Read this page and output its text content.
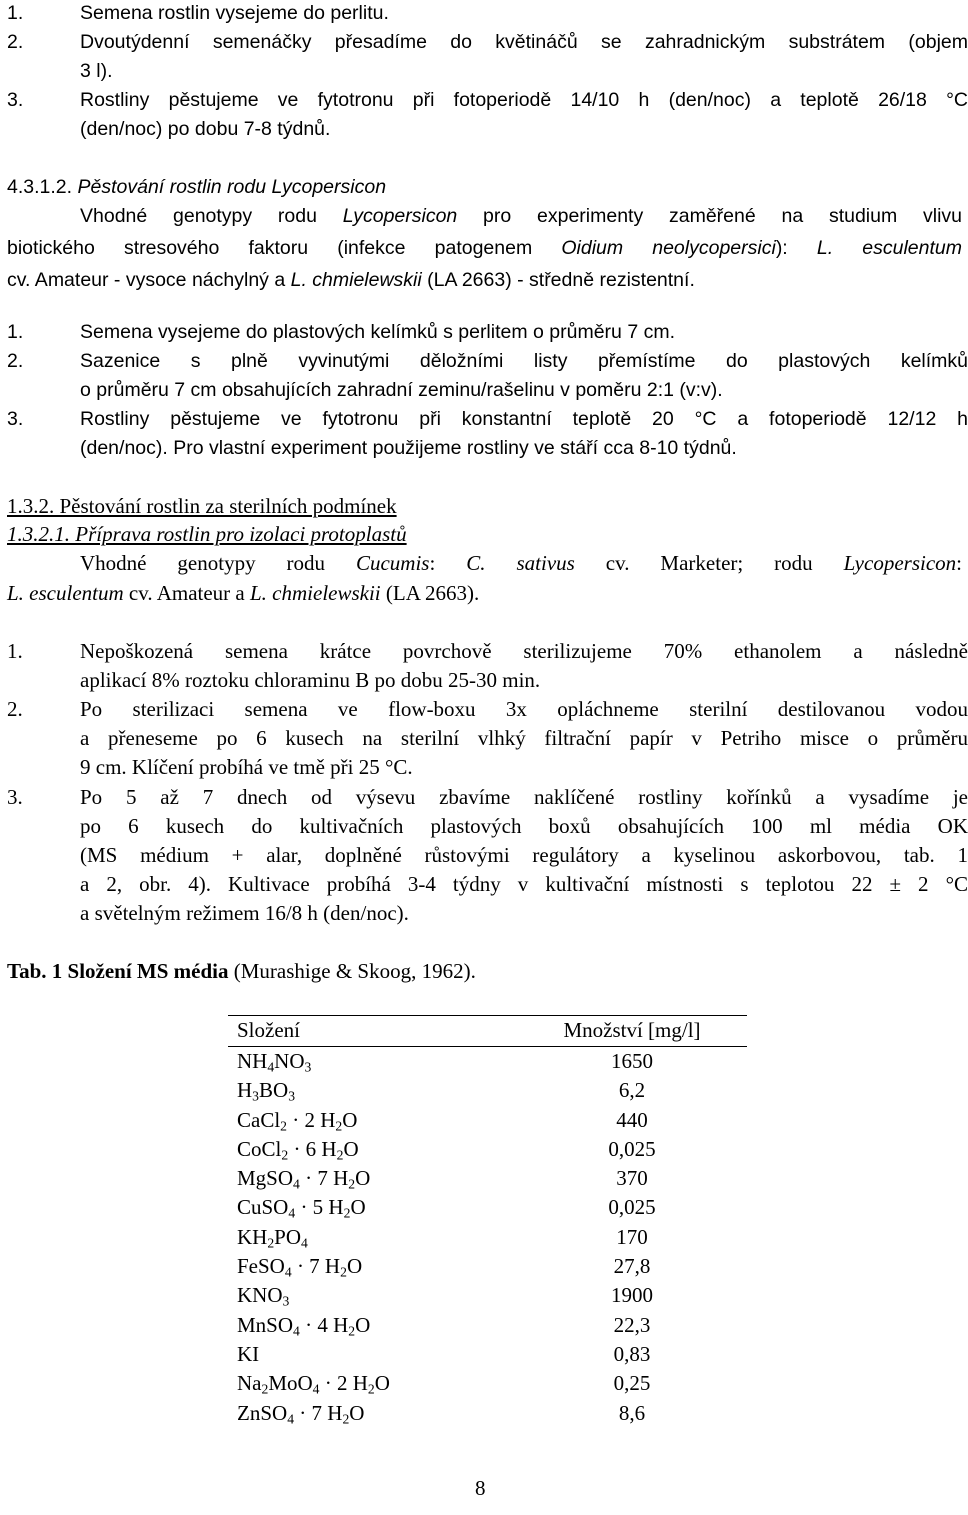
1.	Semena rostlin vysejeme do perlitu.
2.	Dvoutýdenní semenáčky přesadíme do květináčů se zahradnickým substrátem (objem
3 l).
3.	Rostliny pěstujeme ve fytotronu při fotoperiodě 14/10 h (den/noc) a teplotě 26/18 °C
(den/noc) po dobu 7-8 týdnů.
4.3.1.2. Pěstování rostlin rodu Lycopersicon
Vhodné genotypy rodu Lycopersicon pro experimenty zaměřené na studium vlivu
biotického stresového faktoru (infekce patogenem Oidium neolycopersici): L. esculentum
cv. Amateur - vysoce náchylný a L. chmielewskii (LA 2663) - středně rezistentní.
1.	Semena vysejeme do plastových kelímků s perlitem o průměru 7 cm.
2.	Sazenice s plně vyvinutými děložními listy přemístíme do plastových kelímků
o průměru 7 cm obsahujících zahradní zeminu/rašelinu v poměru 2:1 (v:v).
3.	Rostliny pěstujeme ve fytotronu při konstantní teplotě 20 °C a fotoperiodě 12/12 h
(den/noc). Pro vlastní experiment použijeme rostliny ve stáří cca 8-10 týdnů.
1.3.2. Pěstování rostlin za sterilních podmínek
1.3.2.1. Příprava rostlin pro izolaci protoplastů
Vhodné genotypy rodu Cucumis: C. sativus cv. Marketer; rodu Lycopersicon:
L. esculentum cv. Amateur a L. chmielewskii (LA 2663).
1.	Nepoškozená semena krátce povrchově sterilizujeme 70% ethanolem a následně
aplikací 8% roztoku chloraminu B po dobu 25-30 min.
2.	Po sterilizaci semena ve flow-boxu 3x opláchneme sterilní destilovanou vodou
a přeneseme po 6 kusech na sterilní vlhký filtrační papír v Petriho misce o průměru
9 cm. Klíčení probíhá ve tmě při 25 °C.
3.	Po 5 až 7 dnech od výsevu zbavíme naklíčené rostliny kořínků a vysadíme je
po 6 kusech do kultivačních plastových boxů obsahujících 100 ml média OK
(MS médium + alar, doplněné růstovými regulátory a kyselinou askorbovou, tab. 1
a 2, obr. 4). Kultivace probíhá 3-4 týdny v kultivační místnosti s teplotou 22 ± 2 °C
a světelným režimem 16/8 h (den/noc).
Tab. 1 Složení MS média (Murashige & Skoog, 1962).
Složení	Množství [mg/l]
$NH_4NO_3$	1650
$H_3BO_3$	6,2
CaCl$_2$ · 2 $H_2O$	440
CoCl$_2$ · 6 $H_2O$	0,025
MgSO$_4$ · 7 $H_2O$	370
CuSO$_4$ · 5 $H_2O$	0,025
$KH_2PO_4$	170
FeSO$_4$ · 7 $H_2O$	27,8
$KNO_3$	1900
MnSO$_4$ · 4 $H_2O$	22,3
KI	0,83
$Na_2MoO_4 \cdot 2$ $H_2O$	0,25
ZnSO$_4$ · 7 $H_2O$	8,6
8
